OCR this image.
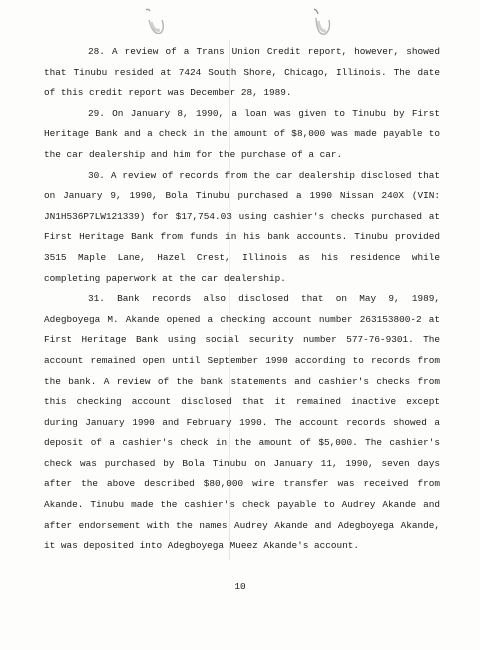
28. A review of a Trans Union Credit report, however, showed that Tinubu resided at 7424 South Shore, Chicago, Illinois. The date of this credit report was December 28, 1989.

29. On January 8, 1990, a loan was given to Tinubu by First Heritage Bank and a check in the amount of $8,000 was made payable to the car dealership and him for the purchase of a car.

30. A review of records from the car dealership disclosed that on January 9, 1990, Bola Tinubu purchased a 1990 Nissan 240X (VIN: JN1H536P7LW121339) for $17,754.03 using cashier's checks purchased at First Heritage Bank from funds in his bank accounts. Tinubu provided 3515 Maple Lane, Hazel Crest, Illinois as his residence while completing paperwork at the car dealership.

31. Bank records also disclosed that on May 9, 1989, Adegboyega M. Akande opened a checking account number 263153800-2 at First Heritage Bank using social security number 577-76-9301. The account remained open until September 1990 according to records from the bank. A review of the bank statements and cashier's checks from this checking account disclosed that it remained inactive except during January 1990 and February 1990. The account records showed a deposit of a cashier's check in the amount of $5,000. The cashier's check was purchased by Bola Tinubu on January 11, 1990, seven days after the above described $80,000 wire transfer was received from Akande. Tinubu made the cashier's check payable to Audrey Akande and after endorsement with the names Audrey Akande and Adegboyega Akande, it was deposited into Adegboyega Mueez Akande's account.

10
